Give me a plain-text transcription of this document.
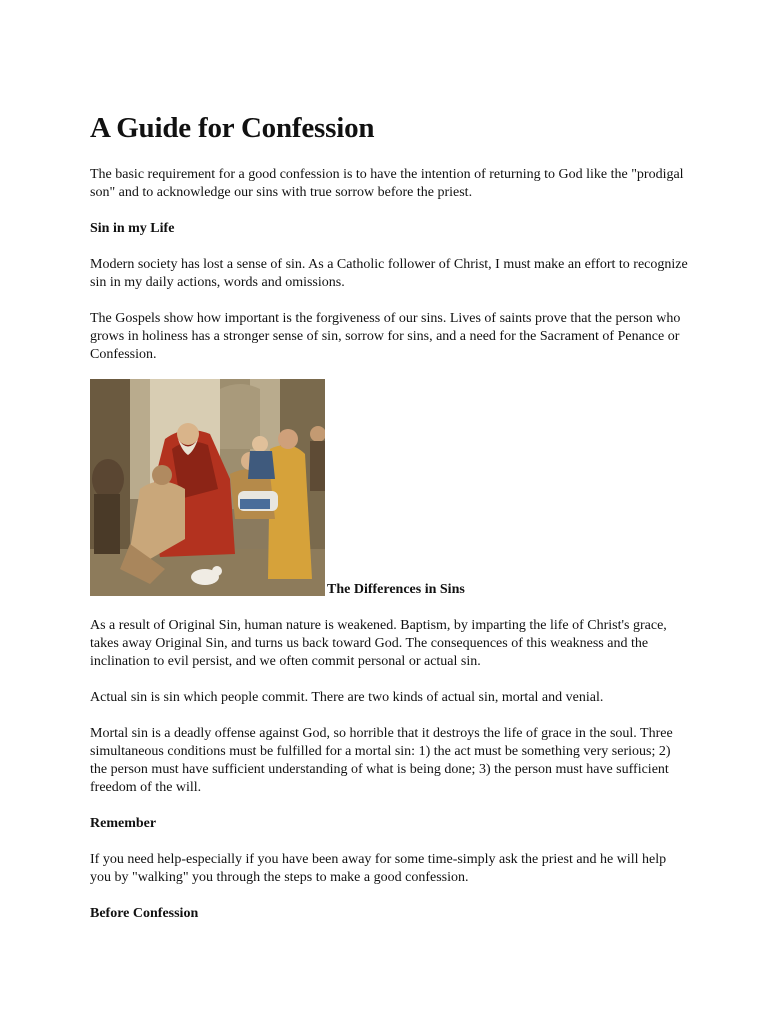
A Guide for Confession

The basic requirement for a good confession is to have the intention of returning to God like the "prodigal son" and to acknowledge our sins with true sorrow before the priest.

Sin in my Life

Modern society has lost a sense of sin. As a Catholic follower of Christ, I must make an effort to recognize sin in my daily actions, words and omissions.

The Gospels show how important is the forgiveness of our sins. Lives of saints prove that the person who grows in holiness has a stronger sense of sin, sorrow for sins, and a need for the Sacrament of Penance or Confession.

The Differences in Sins

As a result of Original Sin, human nature is weakened. Baptism, by imparting the life of Christ's grace, takes away Original Sin, and turns us back toward God. The consequences of this weakness and the inclination to evil persist, and we often commit personal or actual sin.

Actual sin is sin which people commit. There are two kinds of actual sin, mortal and venial.

Mortal sin is a deadly offense against God, so horrible that it destroys the life of grace in the soul. Three simultaneous conditions must be fulfilled for a mortal sin: 1) the act must be something very serious; 2) the person must have sufficient understanding of what is being done; 3) the person must have sufficient freedom of the will.

Remember

If you need help-especially if you have been away for some time-simply ask the priest and he will help you by "walking" you through the steps to make a good confession.

Before Confession
